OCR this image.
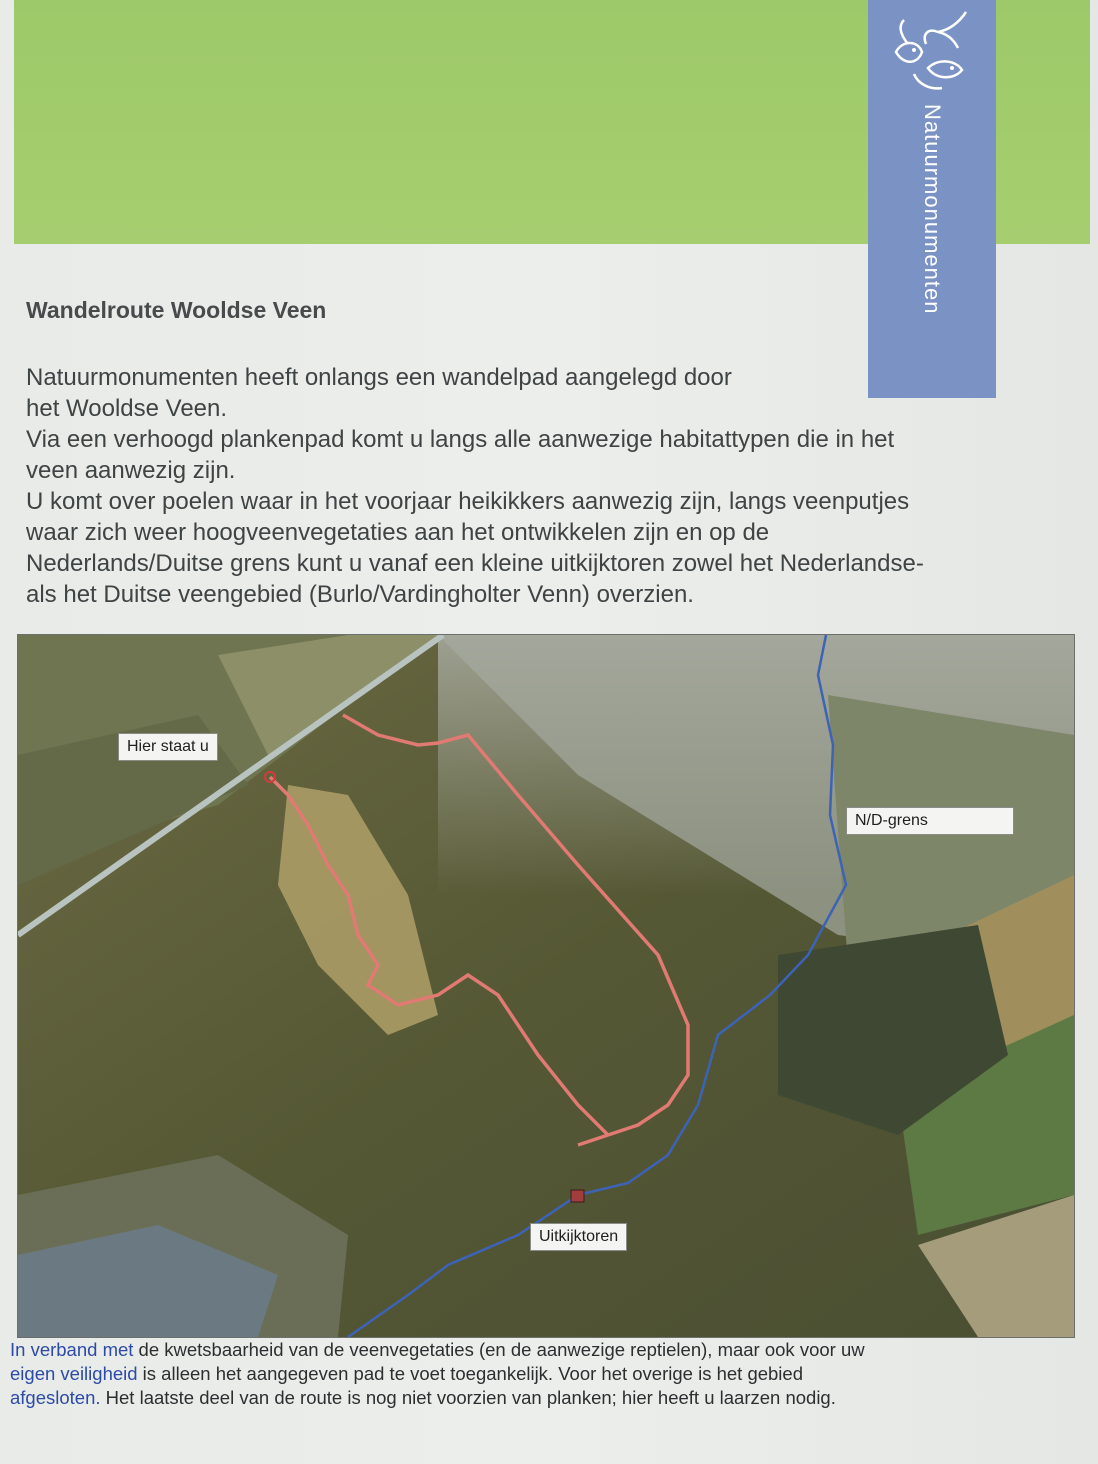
Natuurmonumenten
Wandelroute Wooldse Veen

Natuurmonumenten heeft onlangs een wandelpad aangelegd door

het Wooldse Veen.

Via een verhoogd plankenpad komt u langs alle aanwezige habitattypen die in het

veen aanwezig zijn.

U komt over poelen waar in het voorjaar heikikkers aanwezig zijn, langs veenputjes

waar zich weer hoogveenvegetaties aan het ontwikkelen zijn en op de

Nederlands/Duitse grens kunt u vanaf een kleine uitkijktoren zowel het Nederlandse-

als het Duitse veengebied (Burlo/Vardingholter Venn) overzien.

Hier staat u
N/D-grens
Uitkijktoren
In verband met de kwetsbaarheid van de veenvegetaties (en de aanwezige reptielen), maar ook voor uw
eigen veiligheid is alleen het aangegeven pad te voet toegankelijk. Voor het overige is het gebied
afgesloten. Het laatste deel van de route is nog niet voorzien van planken; hier heeft u laarzen nodig.
